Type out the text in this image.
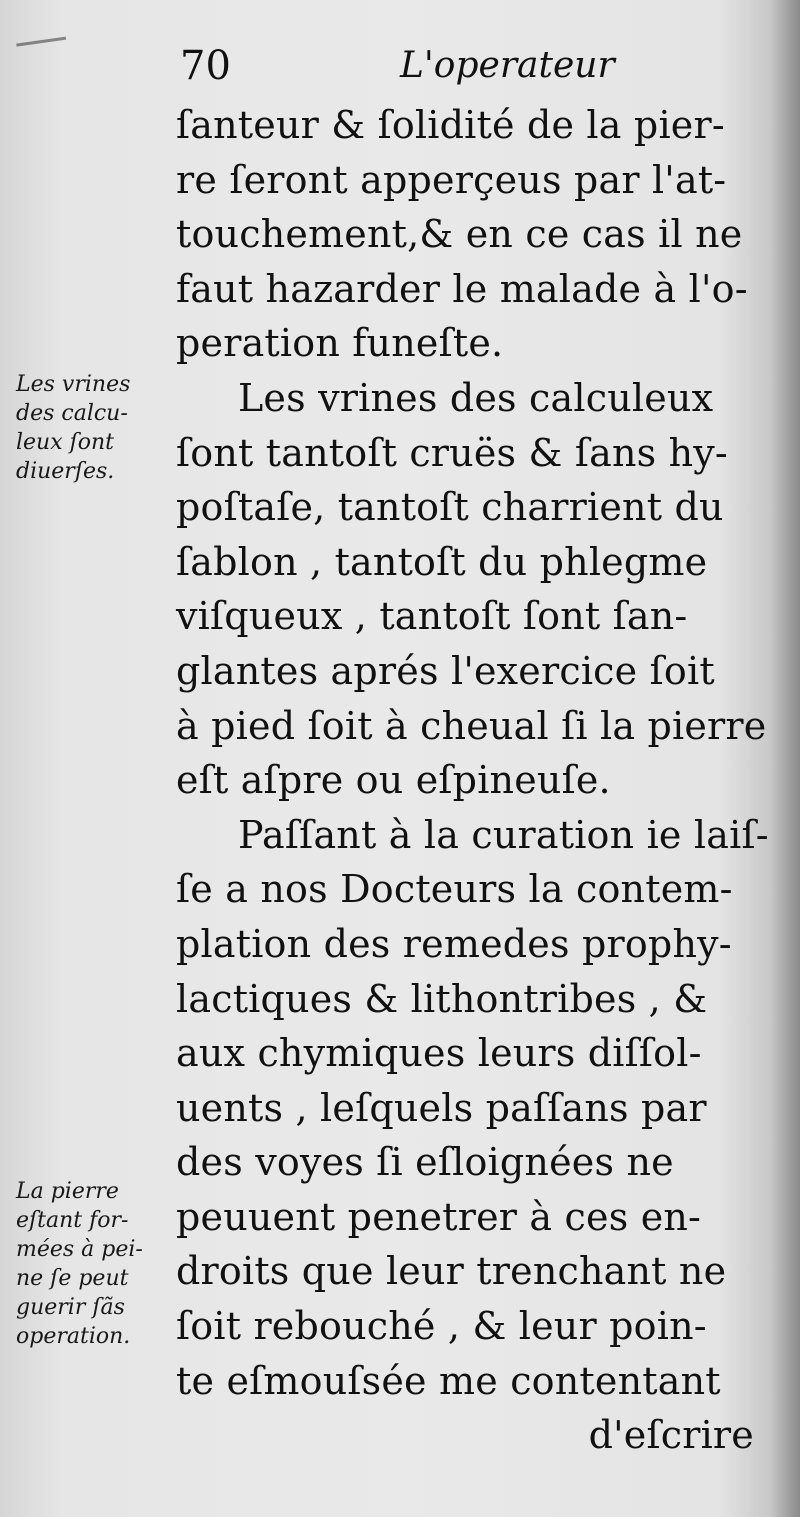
70	L'operateur
ſanteur & ſolidité de la pier-
re ſeront apperçeus par l'at-
touchement,& en ce cas il ne
faut hazarder le malade à l'o-
peration funeſte.
Les vrines des calculeux
ſont tantoſt cruës & ſans hy-
poſtaſe, tantoſt charrient du
ſablon , tantoſt du phlegme
viſqueux , tantoſt ſont ſan-
glantes aprés l'exercice ſoit
à pied ſoit à cheual ſi la pierre
eſt aſpre ou eſpineuſe.
Paſſant à la curation ie laiſ-
ſe a nos Docteurs la contem-
plation des remedes prophy-
lactiques & lithontribes , &
aux chymiques leurs diſſol-
uents , leſquels paſſans par
des voyes ſi eſloignées ne
peuuent penetrer à ces en-
droits que leur trenchant ne
ſoit rebouché , & leur poin-
te eſmouſsée me contentant
d'eſcrire
Les vrines
des calcu-
leux ſont
diuerſes.
La pierre
eſtant for-
mées à pei-
ne ſe peut
guerir ſãs
operation.
